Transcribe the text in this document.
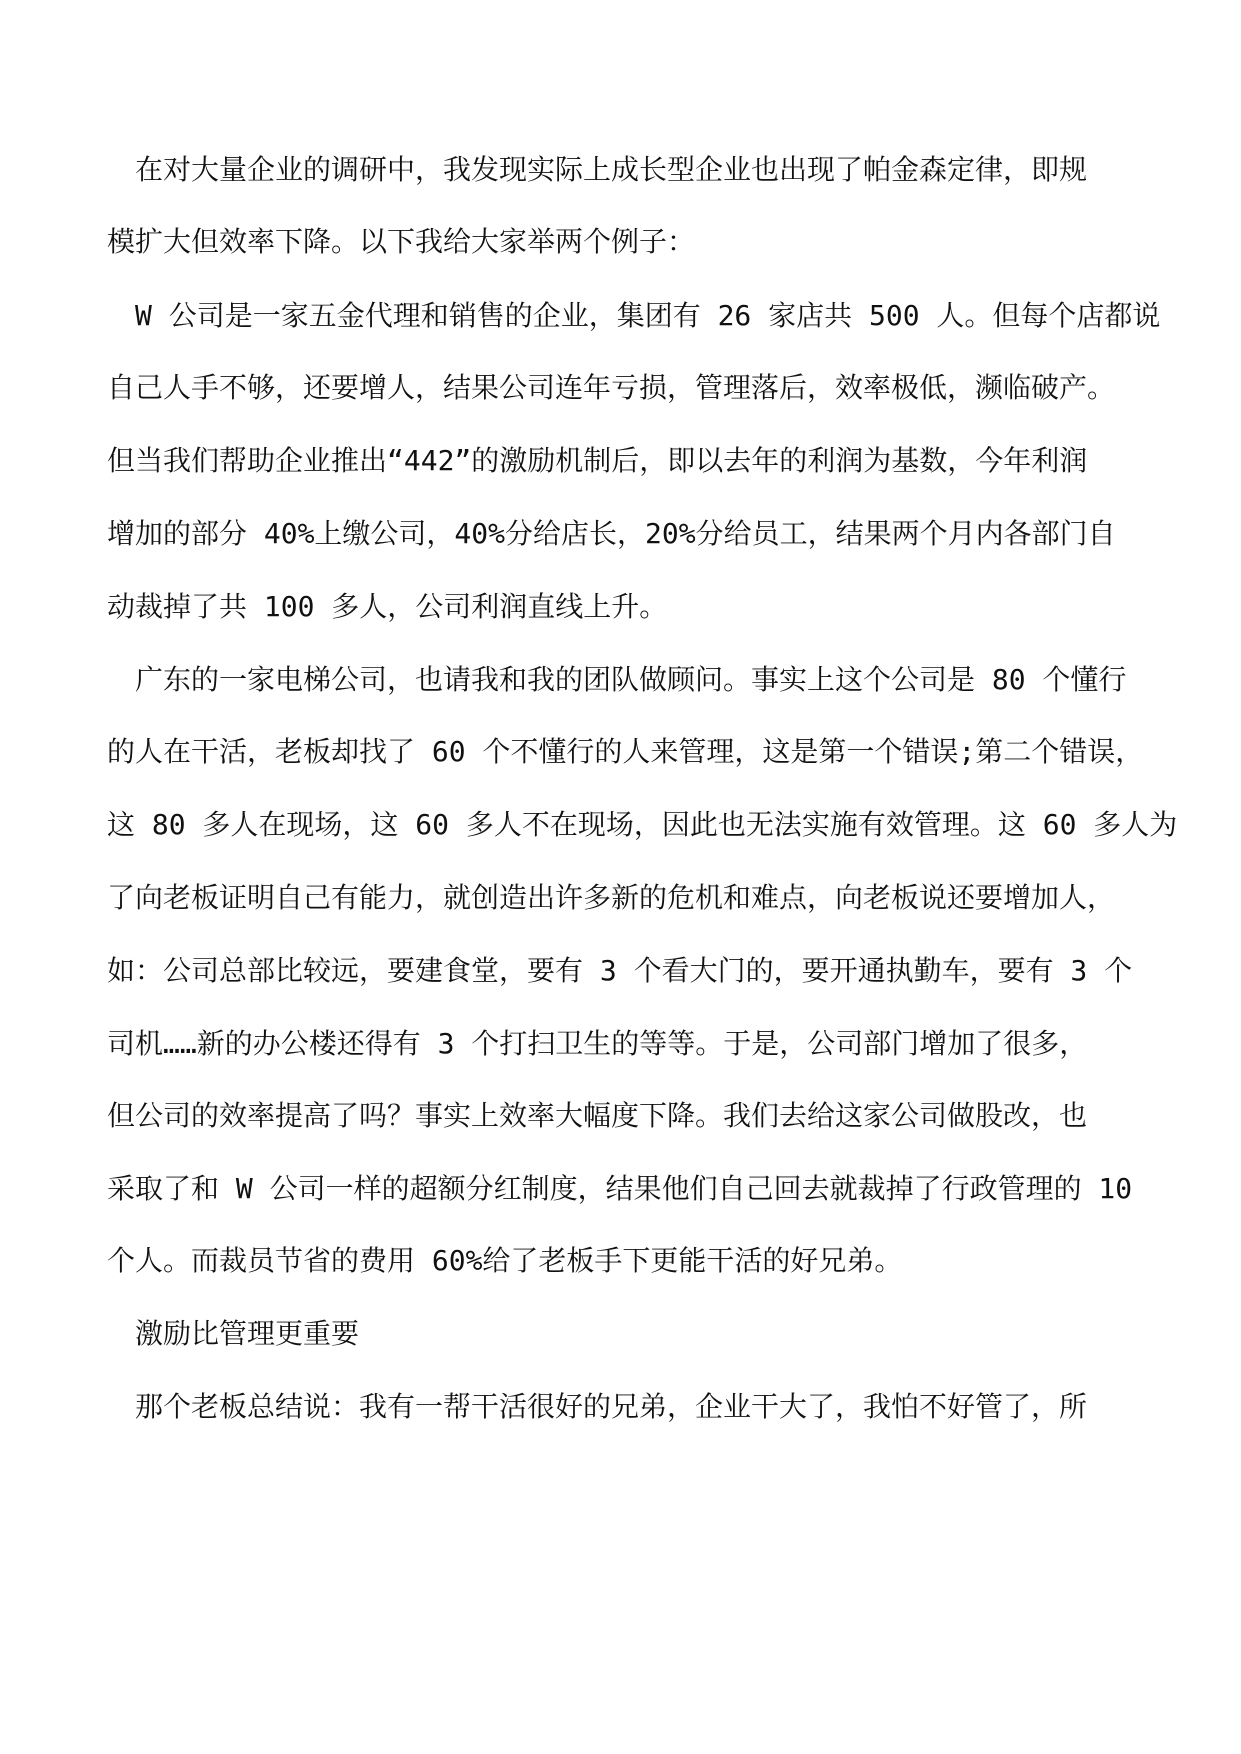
在对大量企业的调研中，我发现实际上成长型企业也出现了帕金森定律，即规
模扩大但效率下降。以下我给大家举两个例子：
W 公司是一家五金代理和销售的企业，集团有 26 家店共 500 人。但每个店都说
自己人手不够，还要增人，结果公司连年亏损，管理落后，效率极低，濒临破产。
但当我们帮助企业推出“442”的激励机制后，即以去年的利润为基数，今年利润
增加的部分 40%上缴公司，40%分给店长，20%分给员工，结果两个月内各部门自
动裁掉了共 100 多人，公司利润直线上升。
广东的一家电梯公司，也请我和我的团队做顾问。事实上这个公司是 80 个懂行
的人在干活，老板却找了 60 个不懂行的人来管理，这是第一个错误;第二个错误，
这 80 多人在现场，这 60 多人不在现场，因此也无法实施有效管理。这 60 多人为
了向老板证明自己有能力，就创造出许多新的危机和难点，向老板说还要增加人，
如：公司总部比较远，要建食堂，要有 3 个看大门的，要开通执勤车，要有 3 个
司机……新的办公楼还得有 3 个打扫卫生的等等。于是，公司部门增加了很多，
但公司的效率提高了吗？事实上效率大幅度下降。我们去给这家公司做股改，也
采取了和 W 公司一样的超额分红制度，结果他们自己回去就裁掉了行政管理的 10
个人。而裁员节省的费用 60%给了老板手下更能干活的好兄弟。
激励比管理更重要
那个老板总结说：我有一帮干活很好的兄弟，企业干大了，我怕不好管了，所
